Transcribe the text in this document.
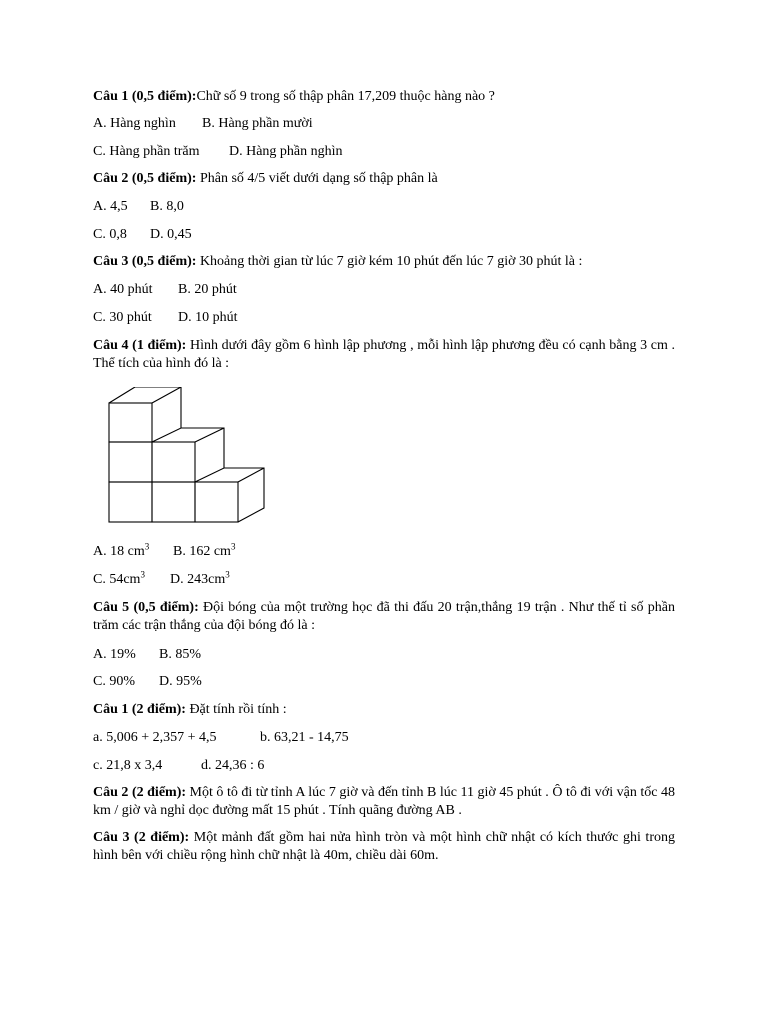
Câu 1 (0,5 điểm):Chữ số 9 trong số thập phân 17,209 thuộc hàng nào ?
A. Hàng nghìn B. Hàng phần mười
C. Hàng phần trăm D. Hàng phần nghìn
Câu 2 (0,5 điểm): Phân số 4/5 viết dưới dạng số thập phân là
A. 4,5 B. 8,0
C. 0,8 D. 0,45
Câu 3 (0,5 điểm): Khoảng thời gian từ lúc 7 giờ kém 10 phút đến lúc 7 giờ 30 phút là :
A. 40 phút B. 20 phút
C. 30 phút D. 10 phút
Câu 4 (1 điểm): Hình dưới đây gồm 6 hình lập phương , mỗi hình lập phương đều có cạnh bằng 3 cm . Thể tích của hình đó là :
A. 18 $cm^3$ B. 162 $cm^3$
C. $54cm^3$ D. $243cm^3$
Câu 5 (0,5 điểm): Đội bóng của một trường học đã thi đấu 20 trận,thắng 19 trận . Như thế tỉ số phần trăm các trận thắng của đội bóng đó là :
A. 19% B. 85%
C. 90% D. 95%
Câu 1 (2 điểm): Đặt tính rồi tính :
a. 5,006 + 2,357 + 4,5	b. 63,21 - 14,75
c. 21,8 x 3,4	d. 24,36 : 6
Câu 2 (2 điểm): Một ô tô đi từ tỉnh A lúc 7 giờ và đến tỉnh B lúc 11 giờ 45 phút . Ô tô đi với vận tốc 48 km / giờ và nghỉ dọc đường mất 15 phút . Tính quãng đường AB .
Câu 3 (2 điểm): Một mảnh đất gồm hai nửa hình tròn và một hình chữ nhật có kích thước ghi trong hình bên với chiều rộng hình chữ nhật là 40m, chiều dài 60m.
